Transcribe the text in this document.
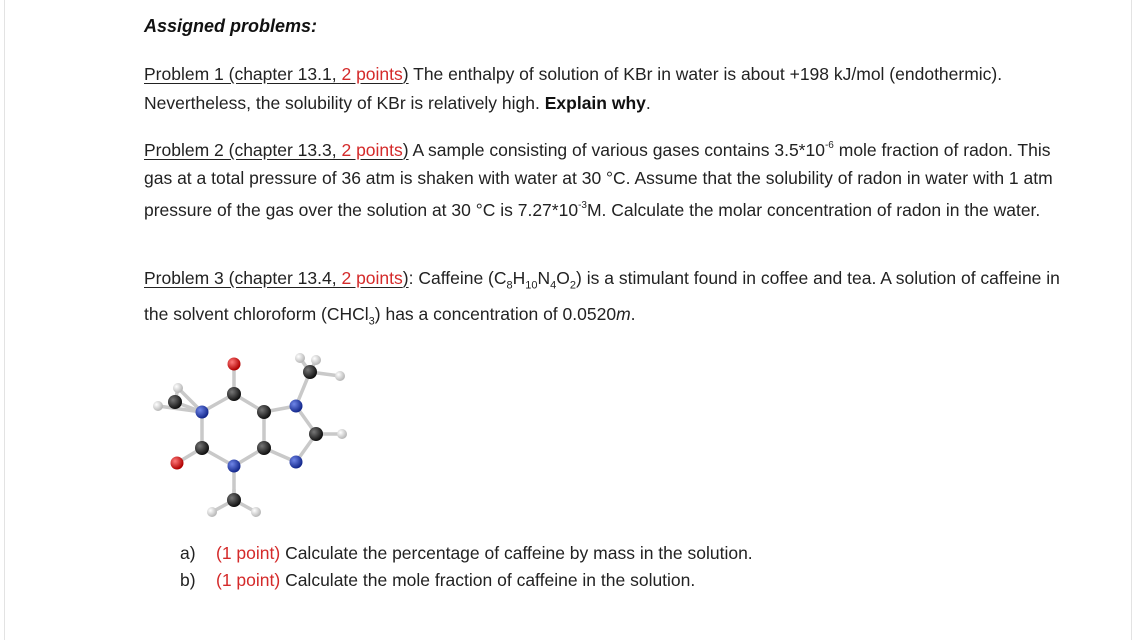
Assigned problems:
Problem 1 (chapter 13.1, 2 points) The enthalpy of solution of KBr in water is about +198 kJ/mol (endothermic). Nevertheless, the solubility of KBr is relatively high. Explain why.
Problem 2 (chapter 13.3, 2 points) A sample consisting of various gases contains $3.5*10^{-6}$ mole fraction of radon. This gas at a total pressure of 36 atm is shaken with water at 30 °C. Assume that the solubility of radon in water with 1 atm pressure of the gas over the solution at 30 °C is $7.27*10^{-3}M$. Calculate the molar concentration of radon in the water.
Problem 3 (chapter 13.4, 2 points): Caffeine $(C_8H_{10}N_4O_2)$ is a stimulant found in coffee and tea. A solution of caffeine in the solvent chloroform (CHCl$_3$) has a concentration of 0.0520m.
a) (1 point) Calculate the percentage of caffeine by mass in the solution.
b) (1 point) Calculate the mole fraction of caffeine in the solution.
